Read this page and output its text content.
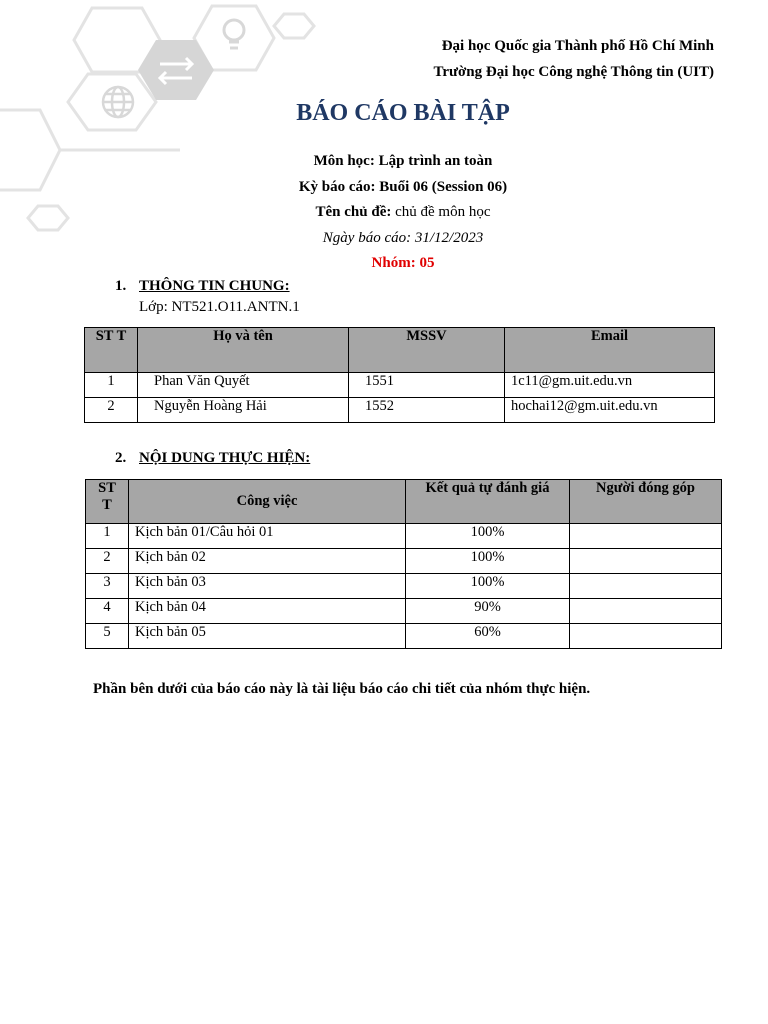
Đại học Quốc gia Thành phố Hồ Chí Minh
Trường Đại học Công nghệ Thông tin (UIT)
BÁO CÁO BÀI TẬP
Môn học: Lập trình an toàn
Kỳ báo cáo: Buổi 06 (Session 06)
Tên chủ đề: chủ đề môn học
Ngày báo cáo: 31/12/2023
Nhóm: 05
1. THÔNG TIN CHUNG:
Lớp: NT521.O11.ANTN.1
ST T	Họ và tên	MSSV	Email
1	Phan Văn Quyết	1551	1c11@gm.uit.edu.vn
2	Nguyễn Hoàng Hải	1552	hochai12@gm.uit.edu.vn
2. NỘI DUNG THỰC HIỆN:
ST T	Công việc	Kết quả tự đánh giá	Người đóng góp
1	Kịch bản 01/Câu hỏi 01	100%	
2	Kịch bản 02	100%	
3	Kịch bản 03	100%	
4	Kịch bản 04	90%	
5	Kịch bản 05	60%	
Phần bên dưới của báo cáo này là tài liệu báo cáo chi tiết của nhóm thực hiện.
